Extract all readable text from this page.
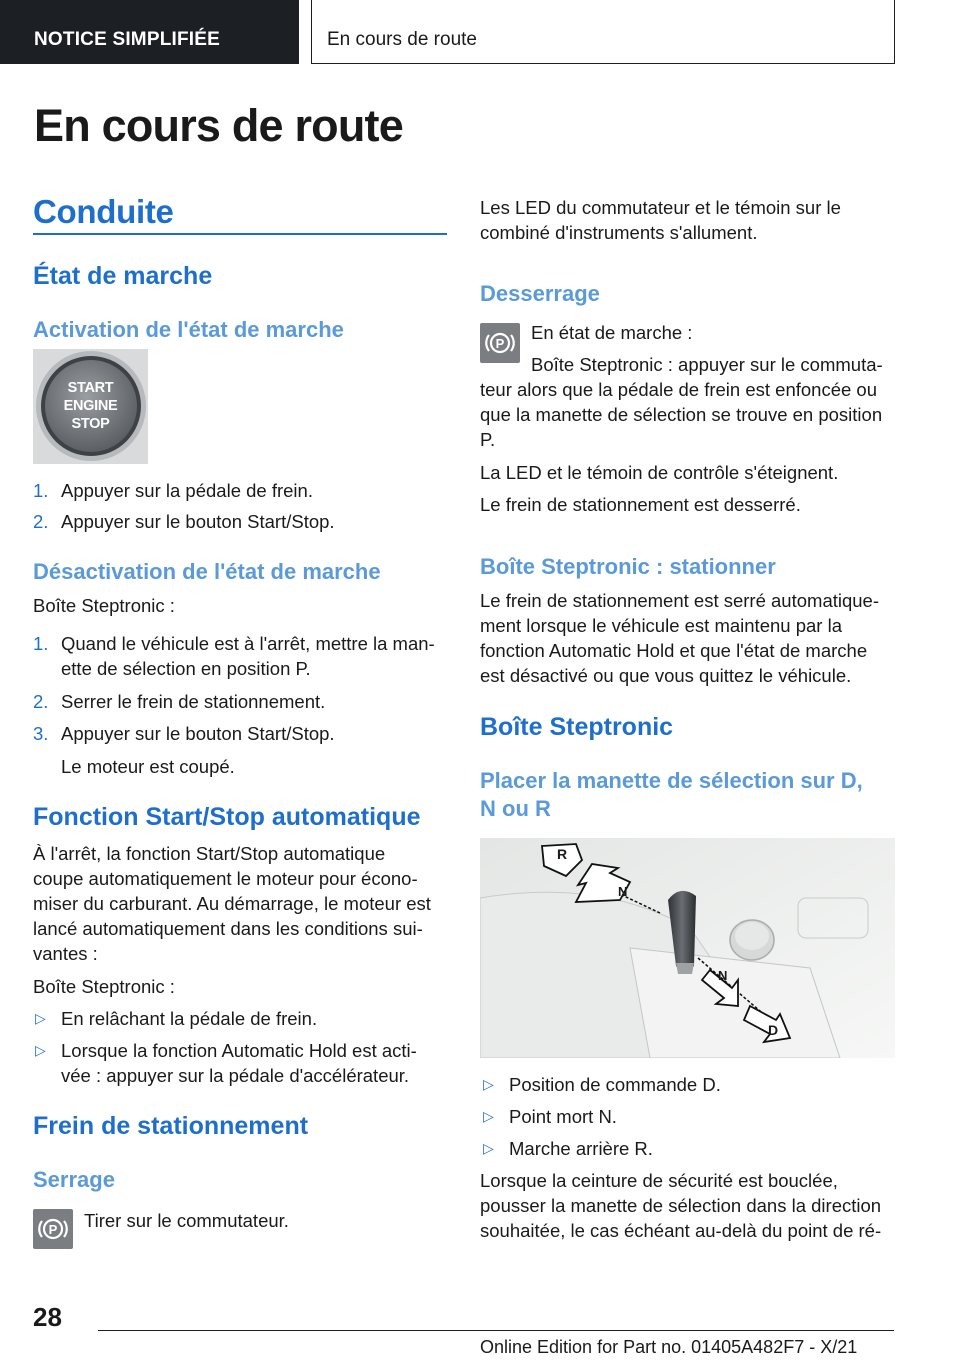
NOTICE SIMPLIFIÉE	En cours de route
En cours de route
Conduite
État de marche
Activation de l'état de marche
START
ENGINE
STOP
1. Appuyer sur la pédale de frein.
2. Appuyer sur le bouton Start/Stop.
Désactivation de l'état de marche
Boîte Steptronic :
1. Quand le véhicule est à l'arrêt, mettre la man-
ette de sélection en position P.
2. Serrer le frein de stationnement.
3. Appuyer sur le bouton Start/Stop.
Le moteur est coupé.
Fonction Start/Stop automatique
À l'arrêt, la fonction Start/Stop automatique
coupe automatiquement le moteur pour écono-
miser du carburant. Au démarrage, le moteur est
lancé automatiquement dans les conditions sui-
vantes :
Boîte Steptronic :
▷ En relâchant la pédale de frein.
▷ Lorsque la fonction Automatic Hold est acti-
vée : appuyer sur la pédale d'accélérateur.
Frein de stationnement
Serrage
P Tirer sur le commutateur.
Les LED du commutateur et le témoin sur le
combiné d'instruments s'allument.
Desserrage
P
En état de marche :
Boîte Steptronic : appuyer sur le commuta-
teur alors que la pédale de frein est enfoncée ou
que la manette de sélection se trouve en position
P.
La LED et le témoin de contrôle s'éteignent.
Le frein de stationnement est desserré.
Boîte Steptronic : stationner
Le frein de stationnement est serré automatique-
ment lorsque le véhicule est maintenu par la
fonction Automatic Hold et que l'état de marche
est désactivé ou que vous quittez le véhicule.
Boîte Steptronic
Placer la manette de sélection sur D,
N ou R
R
N
N
D
▷ Position de commande D.
▷ Point mort N.
▷ Marche arrière R.
Lorsque la ceinture de sécurité est bouclée,
pousser la manette de sélection dans la direction
souhaitée, le cas échéant au-delà du point de ré-
28
Online Edition for Part no. 01405A482F7 - X/21
